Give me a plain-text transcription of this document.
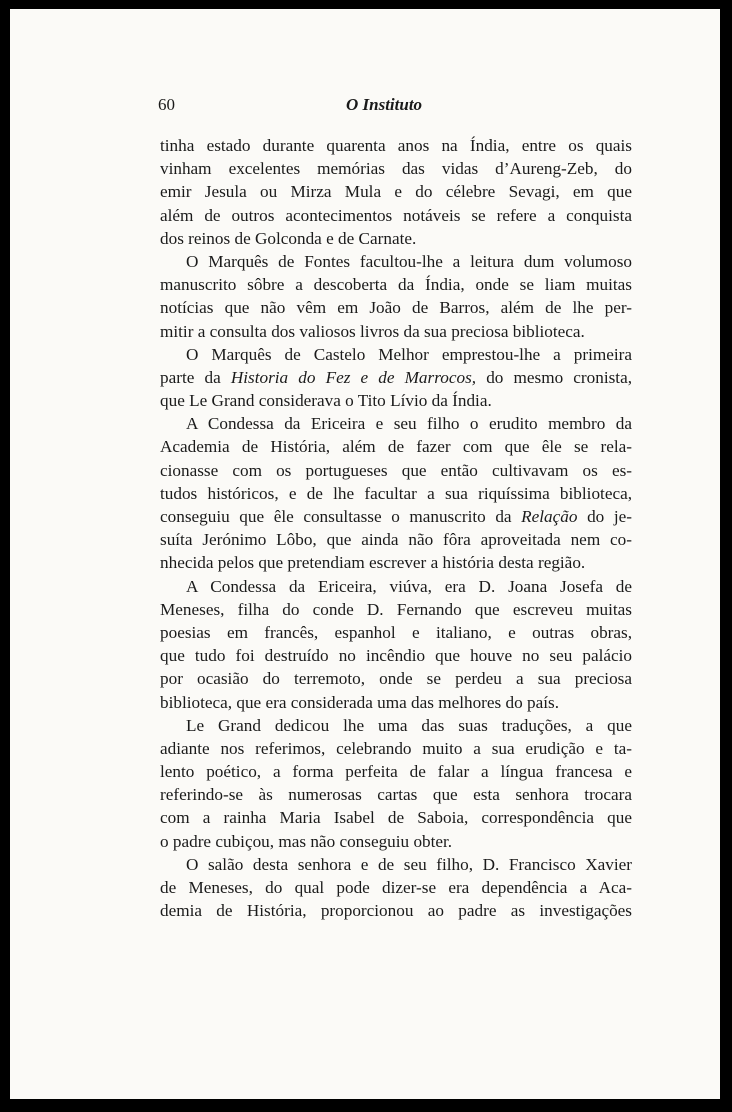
60	O Instituto
tinha estado durante quarenta anos na Índia, entre os quais
vinham excelentes memórias das vidas d’Aureng-Zeb, do
emir Jesula ou Mirza Mula e do célebre Sevagi, em que
além de outros acontecimentos notáveis se refere a conquista
dos reinos de Golconda e de Carnate.
O Marquês de Fontes facultou-lhe a leitura dum volumoso
manuscrito sôbre a descoberta da Índia, onde se liam muitas
notícias que não vêm em João de Barros, além de lhe per-
mitir a consulta dos valiosos livros da sua preciosa biblioteca.
O Marquês de Castelo Melhor emprestou-lhe a primeira
parte da Historia do Fez e de Marrocos, do mesmo cronista,
que Le Grand considerava o Tito Lívio da Índia.
A Condessa da Ericeira e seu filho o erudito membro da
Academia de História, além de fazer com que êle se rela-
cionasse com os portugueses que então cultivavam os es-
tudos históricos, e de lhe facultar a sua riquíssima biblioteca,
conseguiu que êle consultasse o manuscrito da Relação do je-
suíta Jerónimo Lôbo, que ainda não fôra aproveitada nem co-
nhecida pelos que pretendiam escrever a história desta região.
A Condessa da Ericeira, viúva, era D. Joana Josefa de
Meneses, filha do conde D. Fernando que escreveu muitas
poesias em francês, espanhol e italiano, e outras obras,
que tudo foi destruído no incêndio que houve no seu palácio
por ocasião do terremoto, onde se perdeu a sua preciosa
biblioteca, que era considerada uma das melhores do país.
Le Grand dedicou lhe uma das suas traduções, a que
adiante nos referimos, celebrando muito a sua erudição e ta-
lento poético, a forma perfeita de falar a língua francesa e
referindo-se às numerosas cartas que esta senhora trocara
com a rainha Maria Isabel de Saboia, correspondência que
o padre cubiçou, mas não conseguiu obter.
O salão desta senhora e de seu filho, D. Francisco Xavier
de Meneses, do qual pode dizer-se era dependência a Aca-
demia de História, proporcionou ao padre as investigações
